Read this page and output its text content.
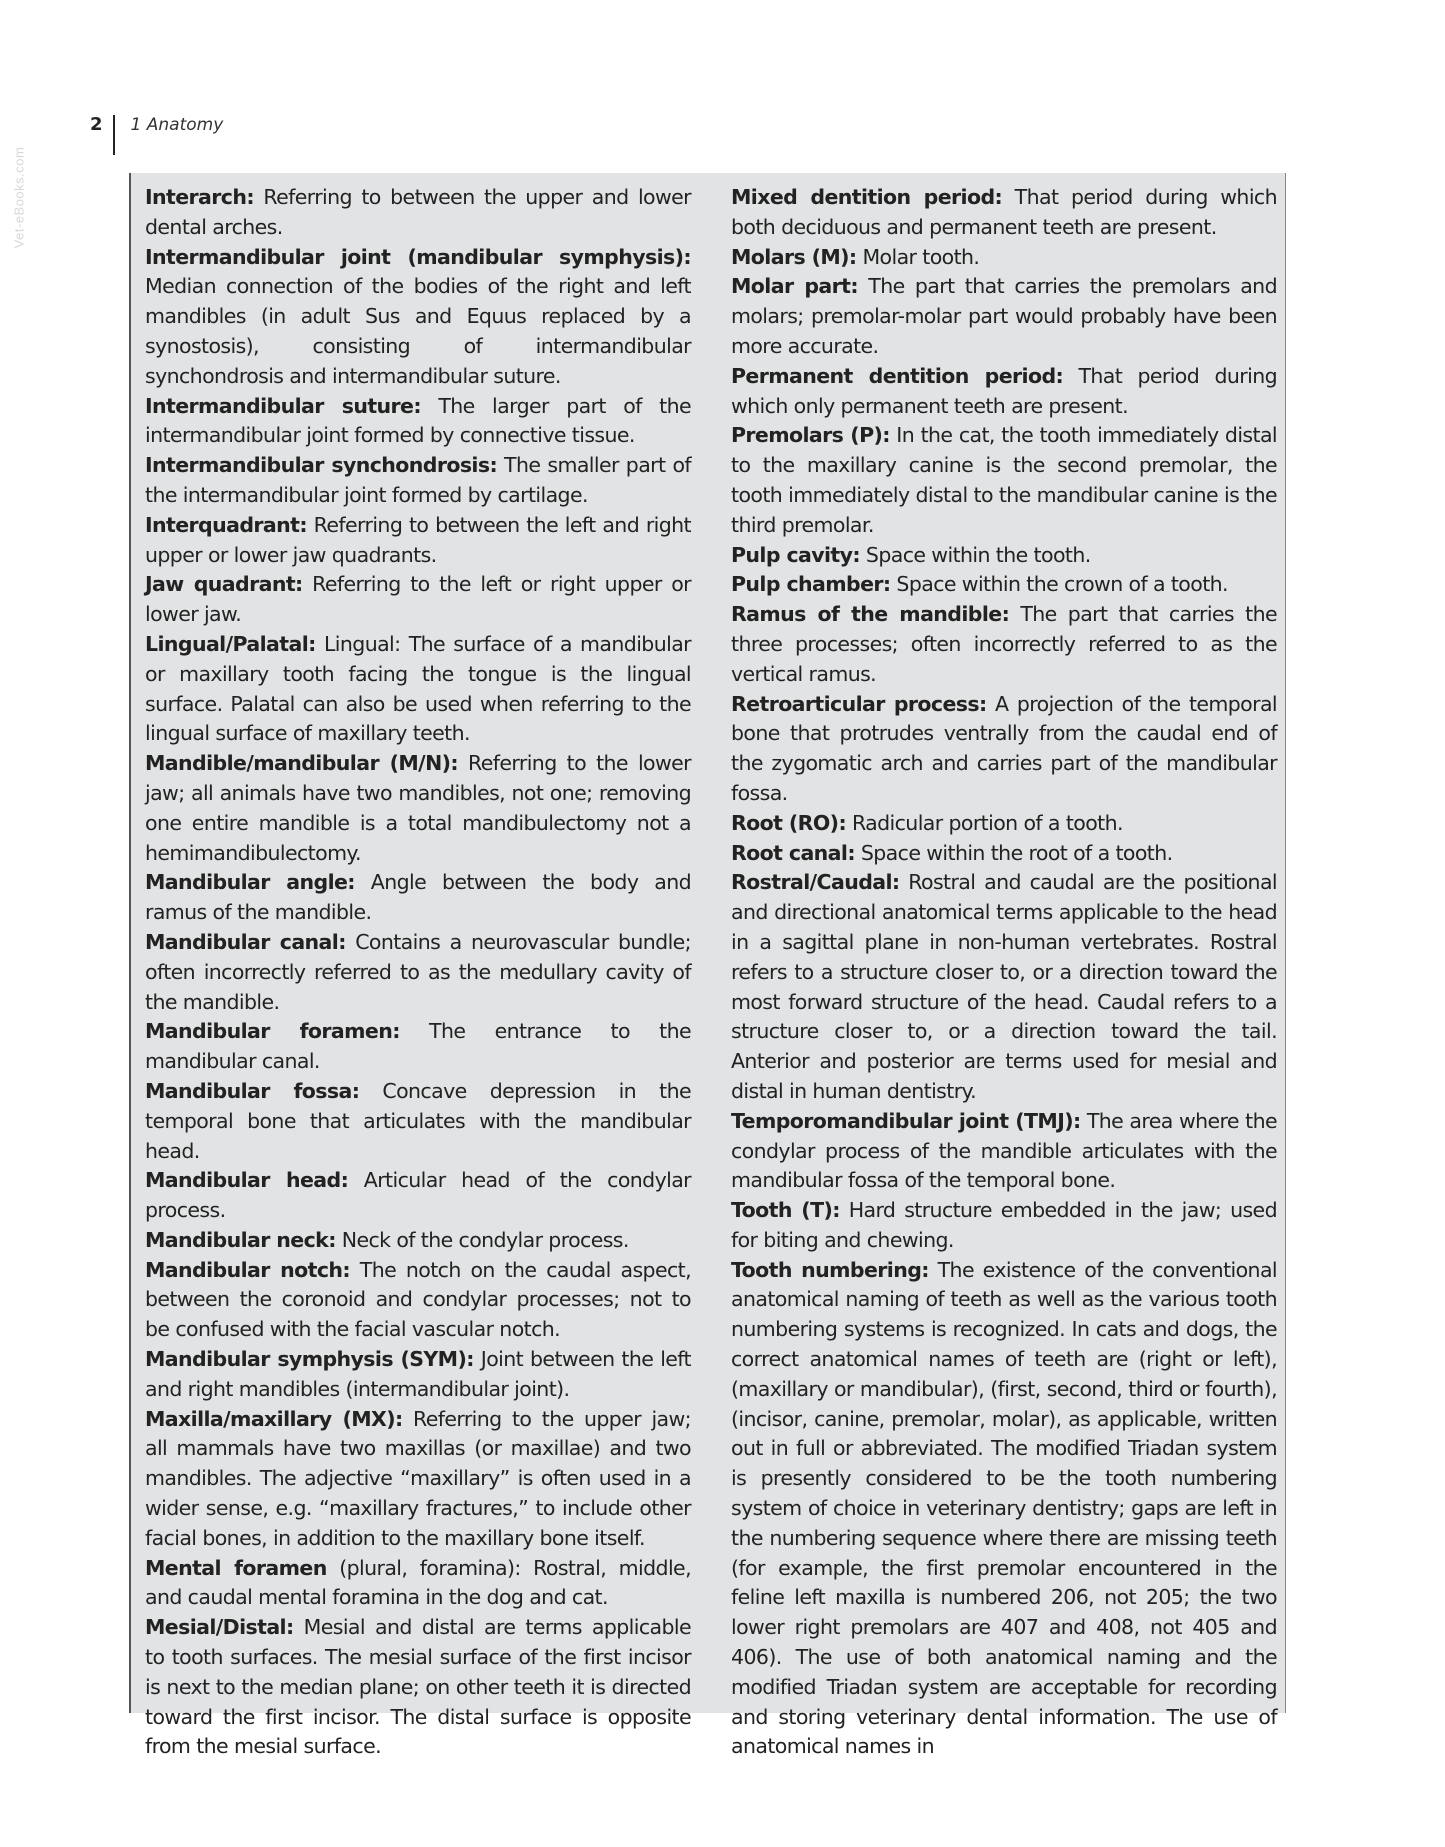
Vet-eBooks.com
2	1 Anatomy

Interarch: Referring to between the upper and lower dental arches.

Intermandibular joint (mandibular symphysis): Median connection of the bodies of the right and left mandibles (in adult Sus and Equus replaced by a synostosis), consisting of intermandibular synchondrosis and intermandibular suture.

Intermandibular suture: The larger part of the intermandibular joint formed by connective tissue.

Intermandibular synchondrosis: The smaller part of the intermandibular joint formed by cartilage.

Interquadrant: Referring to between the left and right upper or lower jaw quadrants.

Jaw quadrant: Referring to the left or right upper or lower jaw.

Lingual/Palatal: Lingual: The surface of a mandibular or maxillary tooth facing the tongue is the lingual surface. Palatal can also be used when referring to the lingual surface of maxillary teeth.

Mandible/mandibular (M/N): Referring to the lower jaw; all animals have two mandibles, not one; removing one entire mandible is a total mandibulectomy not a hemimandibulectomy.

Mandibular angle: Angle between the body and ramus of the mandible.

Mandibular canal: Contains a neurovascular bundle; often incorrectly referred to as the medullary cavity of the mandible.

Mandibular foramen: The entrance to the mandibular canal.

Mandibular fossa: Concave depression in the temporal bone that articulates with the mandibular head.

Mandibular head: Articular head of the condylar process.

Mandibular neck: Neck of the condylar process.

Mandibular notch: The notch on the caudal aspect, between the coronoid and condylar processes; not to be confused with the facial vascular notch.

Mandibular symphysis (SYM): Joint between the left and right mandibles (intermandibular joint).

Maxilla/maxillary (MX): Referring to the upper jaw; all mammals have two maxillas (or maxillae) and two mandibles. The adjective “maxillary” is often used in a wider sense, e.g. “maxillary fractures,” to include other facial bones, in addition to the maxillary bone itself.

Mental foramen (plural, foramina): Rostral, middle, and caudal mental foramina in the dog and cat.

Mesial/Distal: Mesial and distal are terms applicable to tooth surfaces. The mesial surface of the first incisor is next to the median plane; on other teeth it is directed toward the first incisor. The distal surface is opposite from the mesial surface.

Mixed dentition period: That period during which both deciduous and permanent teeth are present.

Molars (M): Molar tooth.

Molar part: The part that carries the premolars and molars; premolar-molar part would probably have been more accurate.

Permanent dentition period: That period during which only permanent teeth are present.

Premolars (P): In the cat, the tooth immediately distal to the maxillary canine is the second premolar, the tooth immediately distal to the mandibular canine is the third premolar.

Pulp cavity: Space within the tooth.

Pulp chamber: Space within the crown of a tooth.

Ramus of the mandible: The part that carries the three processes; often incorrectly referred to as the vertical ramus.

Retroarticular process: A projection of the temporal bone that protrudes ventrally from the caudal end of the zygomatic arch and carries part of the mandibular fossa.

Root (RO): Radicular portion of a tooth.

Root canal: Space within the root of a tooth.

Rostral/Caudal: Rostral and caudal are the positional and directional anatomical terms applicable to the head in a sagittal plane in non-human vertebrates. Rostral refers to a structure closer to, or a direction toward the most forward structure of the head. Caudal refers to a structure closer to, or a direction toward the tail. Anterior and posterior are terms used for mesial and distal in human dentistry.

Temporomandibular joint (TMJ): The area where the condylar process of the mandible articulates with the mandibular fossa of the temporal bone.

Tooth (T): Hard structure embedded in the jaw; used for biting and chewing.

Tooth numbering: The existence of the conventional anatomical naming of teeth as well as the various tooth numbering systems is recognized. In cats and dogs, the correct anatomical names of teeth are (right or left), (maxillary or mandibular), (first, second, third or fourth), (incisor, canine, premolar, molar), as applicable, written out in full or abbreviated. The modified Triadan system is presently considered to be the tooth numbering system of choice in veterinary dentistry; gaps are left in the numbering sequence where there are missing teeth (for example, the first premolar encountered in the feline left maxilla is numbered 206, not 205; the two lower right premolars are 407 and 408, not 405 and 406). The use of both anatomical naming and the modified Triadan system are acceptable for recording and storing veterinary dental information. The use of anatomical names in
